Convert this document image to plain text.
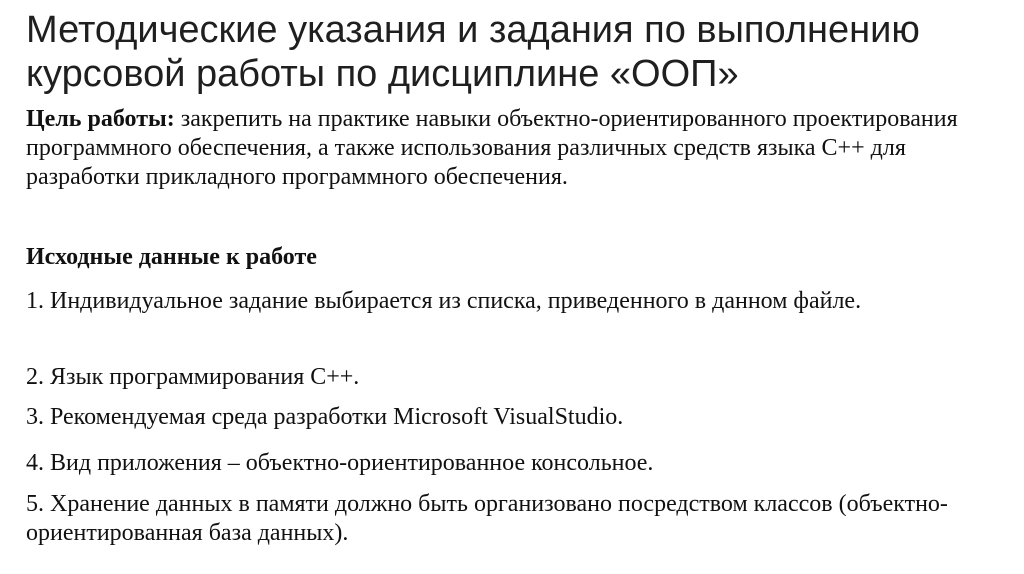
Методические указания и задания по выполнению курсовой работы по дисциплине «ООП»

Цель работы: закрепить на практике навыки объектно-ориентированного проектирования программного обеспечения, а также использования различных средств языка С++ для разработки прикладного программного обеспечения.

Исходные данные к работе

1. Индивидуальное задание выбирается из списка, приведенного в данном файле.

2. Язык программирования С++.

3. Рекомендуемая среда разработки Microsoft VisualStudio.

4. Вид приложения – объектно-ориентированное консольное.

5. Хранение данных в памяти должно быть организовано посредством классов (объектно-ориентированная база данных).
